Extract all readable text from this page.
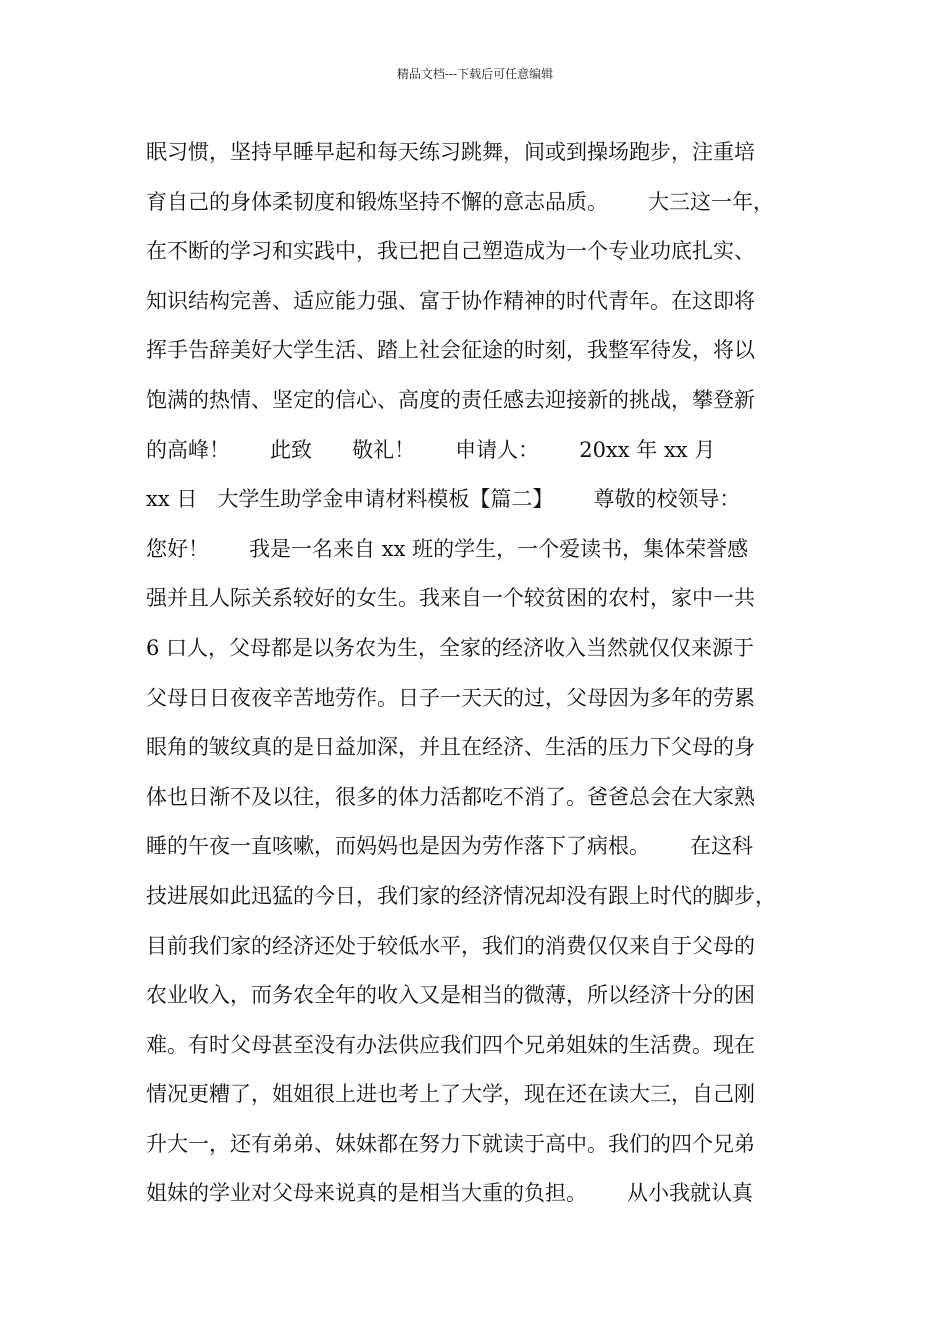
精品文档---下载后可任意编辑
眠习惯，坚持早睡早起和每天练习跳舞，间或到操场跑步，注重培
育自己的身体柔韧度和锻炼坚持不懈的意志品质。      大三这一年，
在不断的学习和实践中，我已把自己塑造成为一个专业功底扎实、
知识结构完善、适应能力强、富于协作精神的时代青年。在这即将
挥手告辞美好大学生活、踏上社会征途的时刻，我整军待发，将以
饱满的热情、坚定的信心、高度的责任感去迎接新的挑战，攀登新
的高峰！      此致      敬礼！      申请人：      20xx 年 xx 月
xx 日   大学生助学金申请材料模板【篇二】      尊敬的校领导：
您好！      我是一名来自 xx 班的学生，一个爱读书，集体荣誉感
强并且人际关系较好的女生。我来自一个较贫困的农村，家中一共
6 口人，父母都是以务农为生，全家的经济收入当然就仅仅来源于
父母日日夜夜辛苦地劳作。日子一天天的过，父母因为多年的劳累
眼角的皱纹真的是日益加深，并且在经济、生活的压力下父母的身
体也日渐不及以往，很多的体力活都吃不消了。爸爸总会在大家熟
睡的午夜一直咳嗽，而妈妈也是因为劳作落下了病根。      在这科
技进展如此迅猛的今日，我们家的经济情况却没有跟上时代的脚步，
目前我们家的经济还处于较低水平，我们的消费仅仅来自于父母的
农业收入，而务农全年的收入又是相当的微薄，所以经济十分的困
难。有时父母甚至没有办法供应我们四个兄弟姐妹的生活费。现在
情况更糟了，姐姐很上进也考上了大学，现在还在读大三，自己刚
升大一，还有弟弟、妹妹都在努力下就读于高中。我们的四个兄弟
姐妹的学业对父母来说真的是相当大重的负担。      从小我就认真
